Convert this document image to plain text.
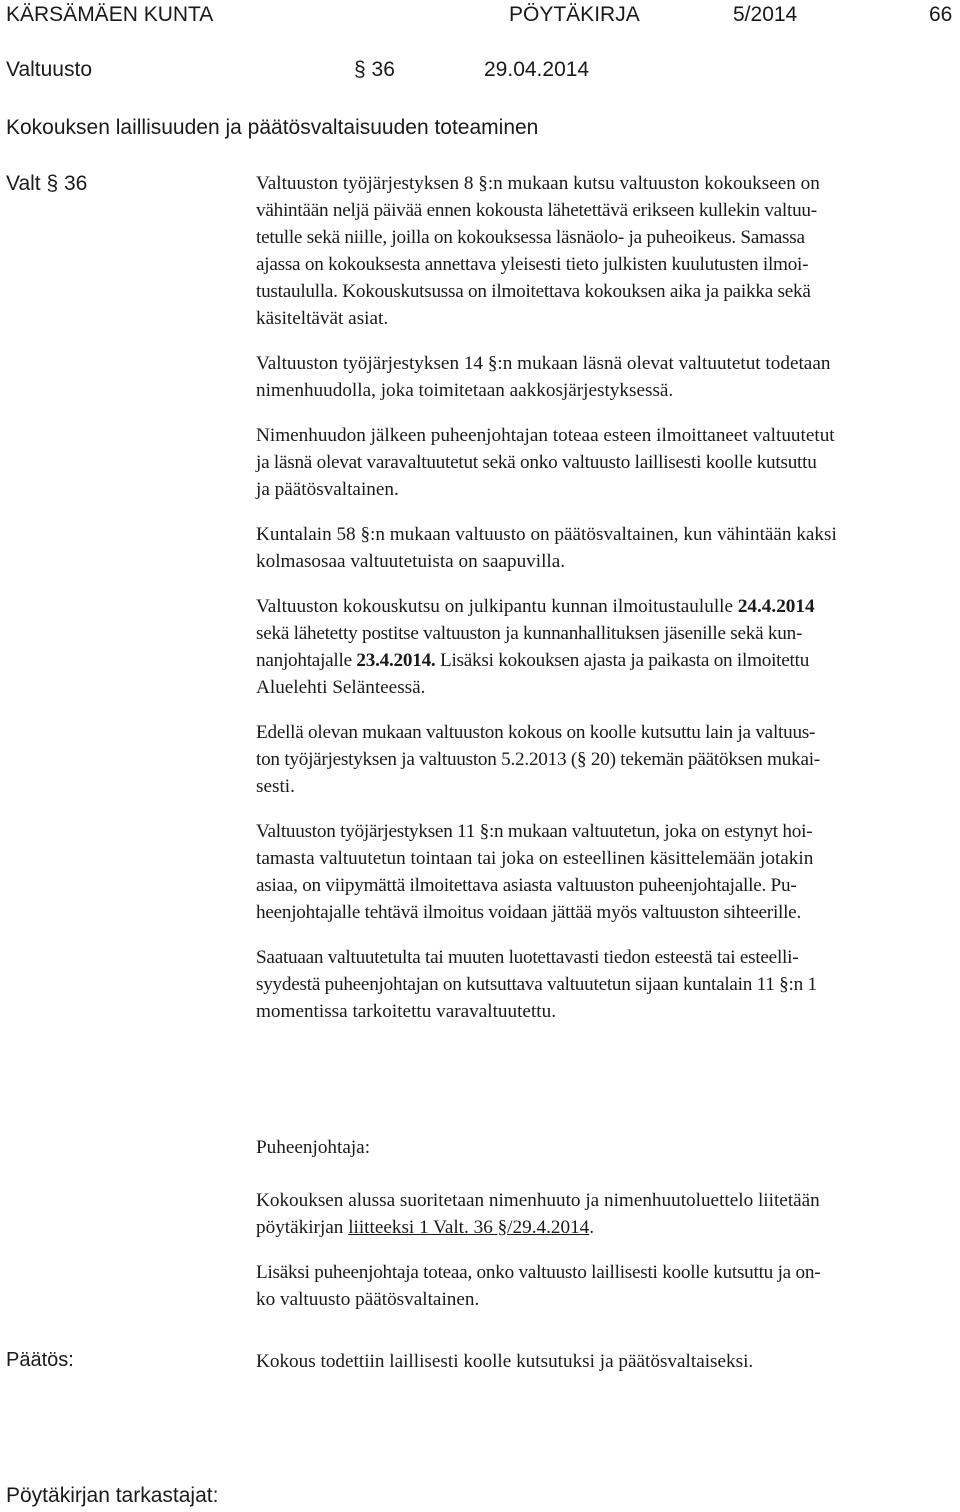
KÄRSÄMÄEN KUNTA	PÖYTÄKIRJA	5/2014	66
Valtuusto	§ 36	29.04.2014
Kokouksen laillisuuden ja päätösvaltaisuuden toteaminen
Valt § 36	Valtuuston työjärjestyksen 8 §:n mukaan kutsu valtuuston kokoukseen on
vähintään neljä päivää ennen kokousta lähetettävä erikseen kullekin valtuu-
tetulle sekä niille, joilla on kokouksessa läsnäolo- ja puheoikeus. Samassa
ajassa on kokouksesta annettava yleisesti tieto julkisten kuulutusten ilmoi-
tustaululla. Kokouskutsussa on ilmoitettava kokouksen aika ja paikka sekä
käsiteltävät asiat.
Valtuuston työjärjestyksen 14 §:n mukaan läsnä olevat valtuutetut todetaan
nimenhuudolla, joka toimitetaan aakkosjärjestyksessä.
Nimenhuudon jälkeen puheenjohtajan toteaa esteen ilmoittaneet valtuutetut
ja läsnä olevat varavaltuutetut sekä onko valtuusto laillisesti koolle kutsuttu
ja päätösvaltainen.
Kuntalain 58 §:n mukaan valtuusto on päätösvaltainen, kun vähintään kaksi
kolmasosaa valtuutetuista on saapuvilla.
Valtuuston kokouskutsu on julkipantu kunnan ilmoitustaululle 24.4.2014
sekä lähetetty postitse valtuuston ja kunnanhallituksen jäsenille sekä kun-
nanjohtajalle 23.4.2014. Lisäksi kokouksen ajasta ja paikasta on ilmoitettu
Aluelehti Selänteessä.
Edellä olevan mukaan valtuuston kokous on koolle kutsuttu lain ja valtuus-
ton työjärjestyksen ja valtuuston 5.2.2013 (§ 20) tekemän päätöksen mukai-
sesti.
Valtuuston työjärjestyksen 11 §:n mukaan valtuutetun, joka on estynyt hoi-
tamasta valtuutetun tointaan tai joka on esteellinen käsittelemään jotakin
asiaa, on viipymättä ilmoitettava asiasta valtuuston puheenjohtajalle. Pu-
heenjohtajalle tehtävä ilmoitus voidaan jättää myös valtuuston sihteerille.
Saatuaan valtuutetulta tai muuten luotettavasti tiedon esteestä tai esteelli-
syydestä puheenjohtajan on kutsuttava valtuutetun sijaan kuntalain 11 §:n 1
momentissa tarkoitettu varavaltuutettu.
Puheenjohtaja:
Kokouksen alussa suoritetaan nimenhuuto ja nimenhuutoluettelo liitetään
pöytäkirjan liitteeksi 1 Valt. 36 §/29.4.2014.
Lisäksi puheenjohtaja toteaa, onko valtuusto laillisesti koolle kutsuttu ja on-
ko valtuusto päätösvaltainen.
Päätös:	Kokous todettiin laillisesti koolle kutsutuksi ja päätösvaltaiseksi.
Pöytäkirjan tarkastajat:
